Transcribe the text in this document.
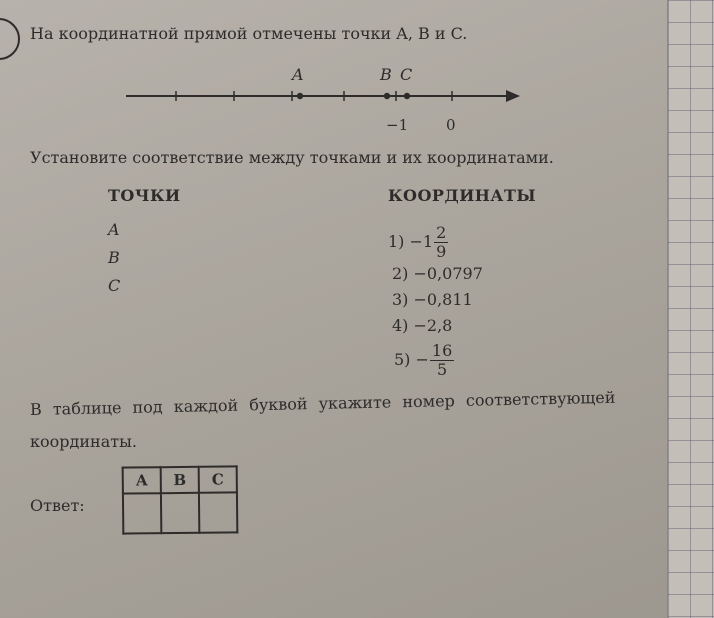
На координатной прямой отмечены точки A, B и C.
A	B C
−1	0
Установите соответствие между точками и их координатами.
ТОЧКИ	КООРДИНАТЫ
A
B
C
$1) -1 \frac{2}{9}$
2) −0,0797
3) −0,811
4) −2,8
$5) - \frac{16}{5}$
В таблице под каждой буквой укажите номер соответствующей
координаты.
Ответ:
A	B	C
